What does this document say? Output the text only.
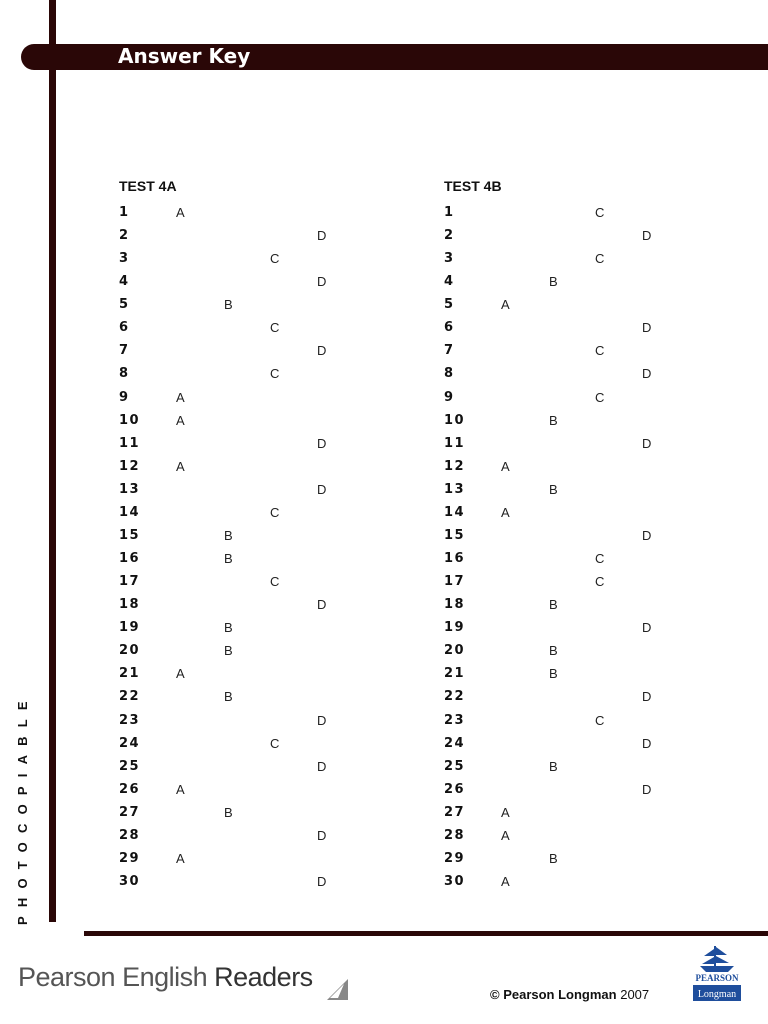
Answer Key
PHOTOCOPIABLE
TEST 4A	TEST 4B
1	A
2	D
3	C
4	D
5	B
6	C
7	D
8	C
9	A
10	A
11	D
12	A
13	D
14	C
15	B
16	B
17	C
18	D
19	B
20	B
21	A
22	B
23	D
24	C
25	D
26	A
27	B
28	D
29	A
30	D
1	C
2	D
3	C
4	B
5	A
6	D
7	C
8	D
9	C
10	B
11	D
12	A
13	B
14	A
15	D
16	C
17	C
18	B
19	D
20	B
21	B
22	D
23	C
24	D
25	B
26	D
27	A
28	A
29	B
30	A
Pearson English Readers
© Pearson Longman 2007
PEARSON
Longman
